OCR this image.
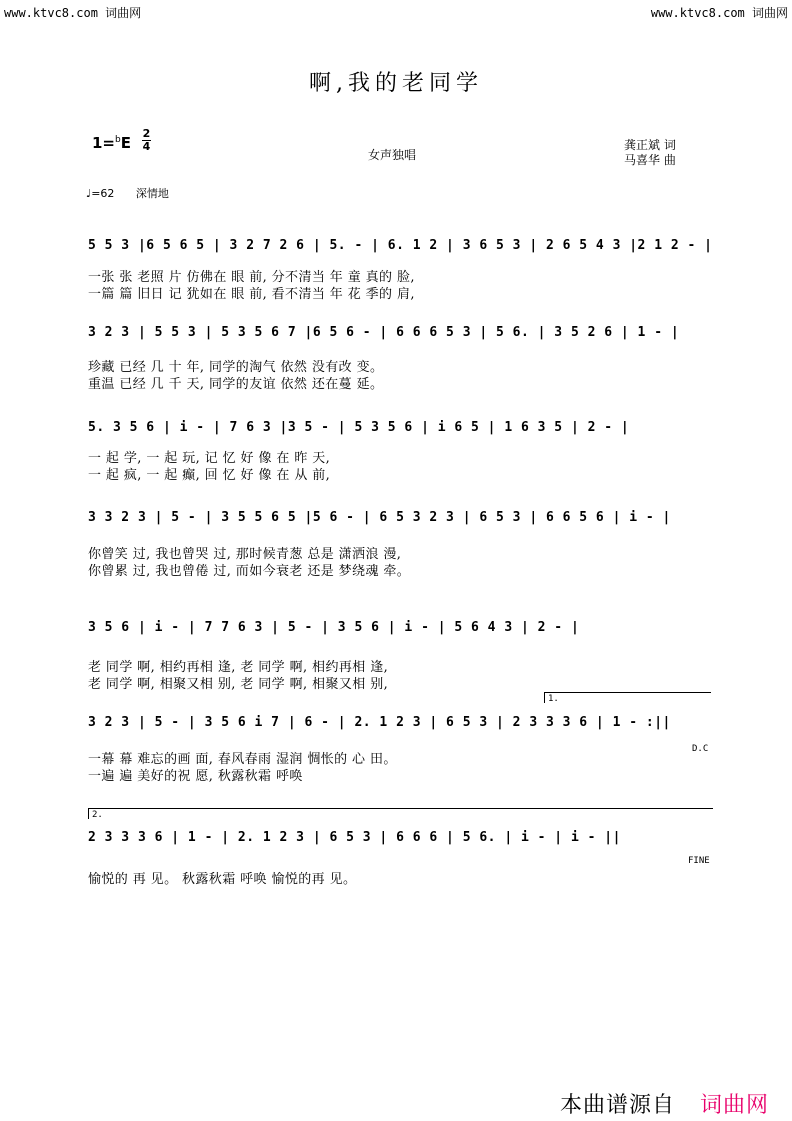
www.ktvc8.com 词曲网	www.ktvc8.com 词曲网
啊,我的老同学
1=$^b$E
2
4
女声独唱
龚正斌 词
马喜华 曲
♩=62 深情地
5 5 3 |6 5 6 5 | 3 2 7 2 6 | 5. - | 6. 1 2 | 3 6 5 3 | 2 6 5 4 3 |2 1 2 - |
一张 张 老照 片 仿佛在 眼 前, 分不清当 年 童 真的 脸,
一篇 篇 旧日 记 犹如在 眼 前, 看不清当 年 花 季的 肩,
3 2 3 | 5 5 3 | 5 3 5 6 7 |6 5 6 - | 6 6 6 5 3 | 5 6. | 3 5 2 6 | 1 - |
珍藏 已经 几 十 年, 同学的淘气 依然 没有改 变。
重温 已经 几 千 天, 同学的友谊 依然 还在蔓 延。
5. 3 5 6 | i - | 7 6 3 |3 5 - | 5 3 5 6 | i 6 5 | 1 6 3 5 | 2 - |
一 起 学, 一 起 玩, 记 忆 好 像 在 昨 天,
一 起 疯, 一 起 癫, 回 忆 好 像 在 从 前,
3 3 2 3 | 5 - | 3 5 5 6 5 |5 6 - | 6 5 3 2 3 | 6 5 3 | 6 6 5 6 | i - |
你曾笑 过, 我也曾哭 过, 那时候青葱 总是 潇洒浪 漫,
你曾累 过, 我也曾倦 过, 而如今衰老 还是 梦绕魂 牵。
3 5 6 | i - | 7 7 6 3 | 5 - | 3 5 6 | i - | 5 6 4 3 | 2 - |
老 同学 啊, 相约再相 逢, 老 同学 啊, 相约再相 逢,
老 同学 啊, 相聚又相 别, 老 同学 啊, 相聚又相 别,
1.
3 2 3 | 5 - | 3 5 6 i 7 | 6 - | 2. 1 2 3 | 6 5 3 | 2 3 3 3 6 | 1 - :||
D.C
一幕 幕 难忘的画 面, 春风春雨 湿润 惆怅的 心 田。
一遍 遍 美好的祝 愿, 秋露秋霜 呼唤
2.
2 3 3 3 6 | 1 - | 2. 1 2 3 | 6 5 3 | 6 6 6 | 5 6. | i - | i - ||
FINE
愉悦的 再 见。 秋露秋霜 呼唤 愉悦的再 见。
本曲谱源自 词曲网
